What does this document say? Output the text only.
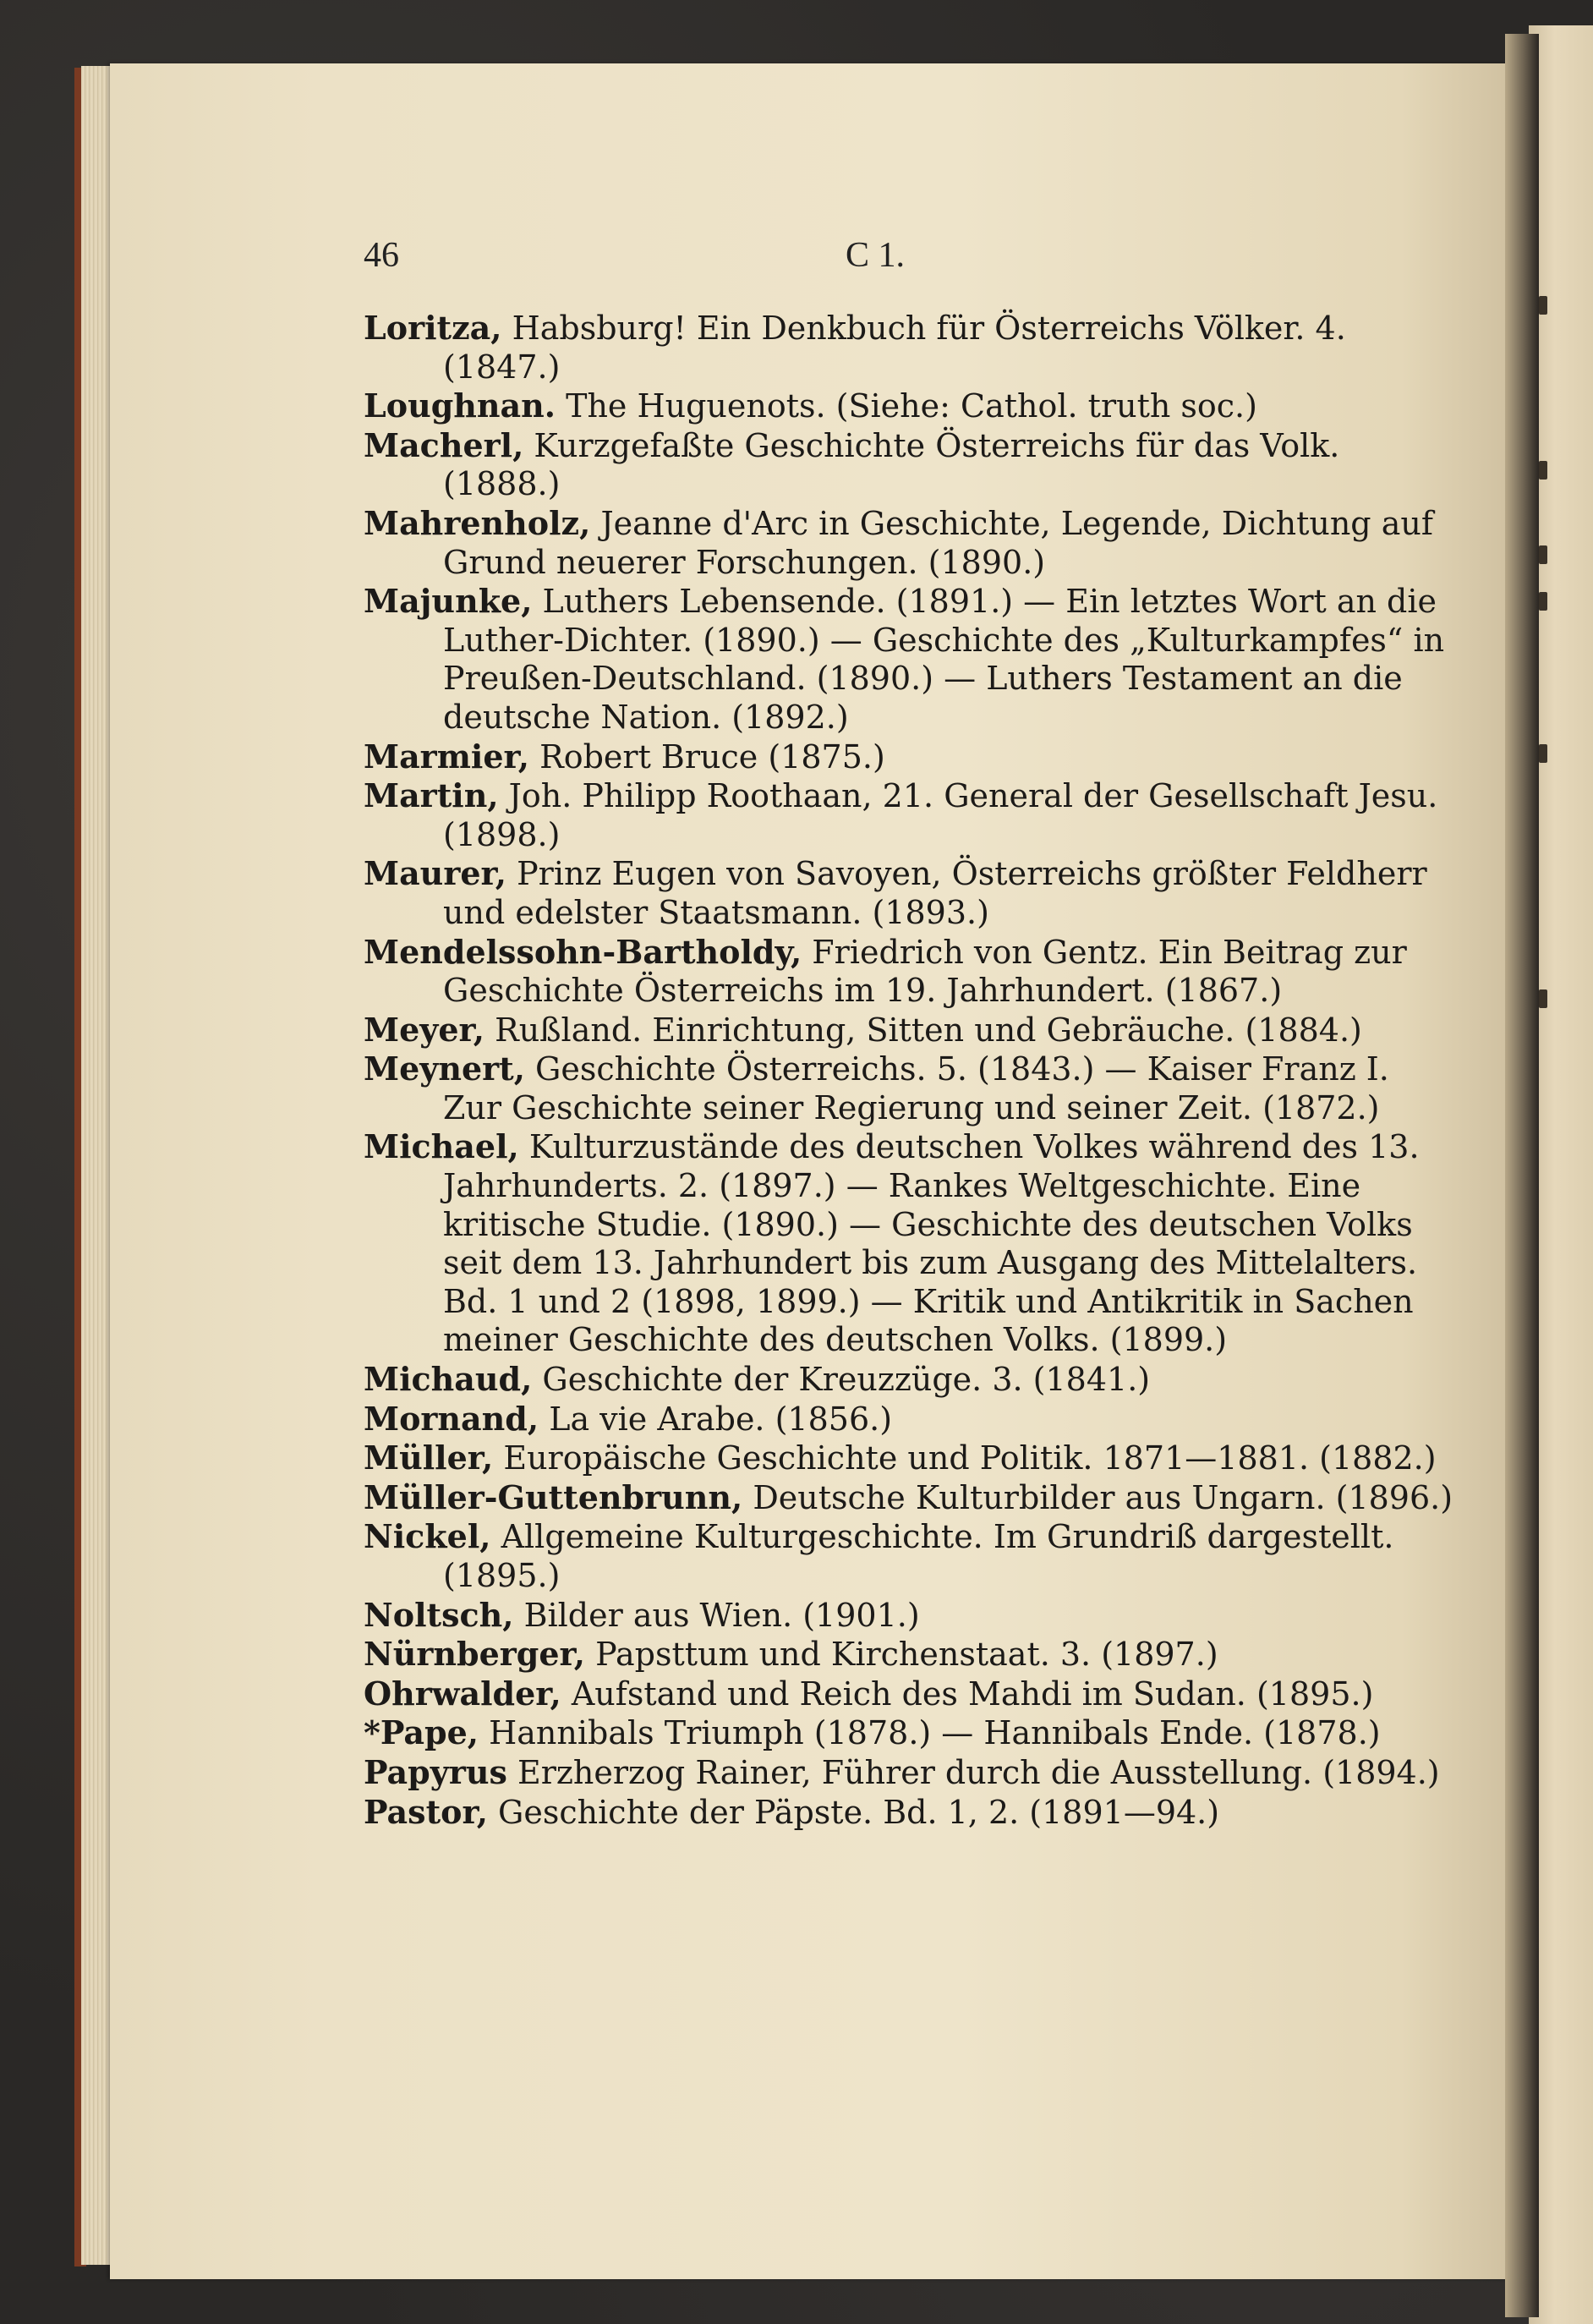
46	C 1.

Loritza, Habsburg! Ein Denkbuch für Österreichs Völker. 4. (1847.)

Loughnan. The Huguenots. (Siehe: Cathol. truth soc.)

Macherl, Kurzgefaßte Geschichte Österreichs für das Volk. (1888.)

Mahrenholz, Jeanne d'Arc in Geschichte, Legende, Dichtung auf Grund neuerer Forschungen. (1890.)

Majunke, Luthers Lebensende. (1891.) — Ein letztes Wort an die Luther-Dichter. (1890.) — Geschichte des „Kulturkampfes“ in Preußen-Deutschland. (1890.) — Luthers Testament an die deutsche Nation. (1892.)

Marmier, Robert Bruce (1875.)

Martin, Joh. Philipp Roothaan, 21. General der Gesellschaft Jesu. (1898.)

Maurer, Prinz Eugen von Savoyen, Österreichs größter Feldherr und edelster Staatsmann. (1893.)

Mendelssohn-Bartholdy, Friedrich von Gentz. Ein Beitrag zur Geschichte Österreichs im 19. Jahrhundert. (1867.)

Meyer, Rußland. Einrichtung, Sitten und Gebräuche. (1884.)

Meynert, Geschichte Österreichs. 5. (1843.) — Kaiser Franz I. Zur Geschichte seiner Regierung und seiner Zeit. (1872.)

Michael, Kulturzustände des deutschen Volkes während des 13. Jahrhunderts. 2. (1897.) — Rankes Weltgeschichte. Eine kritische Studie. (1890.) — Geschichte des deutschen Volks seit dem 13. Jahrhundert bis zum Ausgang des Mittelalters. Bd. 1 und 2 (1898, 1899.) — Kritik und Antikritik in Sachen meiner Geschichte des deutschen Volks. (1899.)

Michaud, Geschichte der Kreuzzüge. 3. (1841.)

Mornand, La vie Arabe. (1856.)

Müller, Europäische Geschichte und Politik. 1871—1881. (1882.)

Müller-Guttenbrunn, Deutsche Kulturbilder aus Ungarn. (1896.)

Nickel, Allgemeine Kulturgeschichte. Im Grundriß dargestellt. (1895.)

Noltsch, Bilder aus Wien. (1901.)

Nürnberger, Papsttum und Kirchenstaat. 3. (1897.)

Ohrwalder, Aufstand und Reich des Mahdi im Sudan. (1895.)

*Pape, Hannibals Triumph (1878.) — Hannibals Ende. (1878.)

Papyrus Erzherzog Rainer, Führer durch die Ausstellung. (1894.)

Pastor, Geschichte der Päpste. Bd. 1, 2. (1891—94.)
